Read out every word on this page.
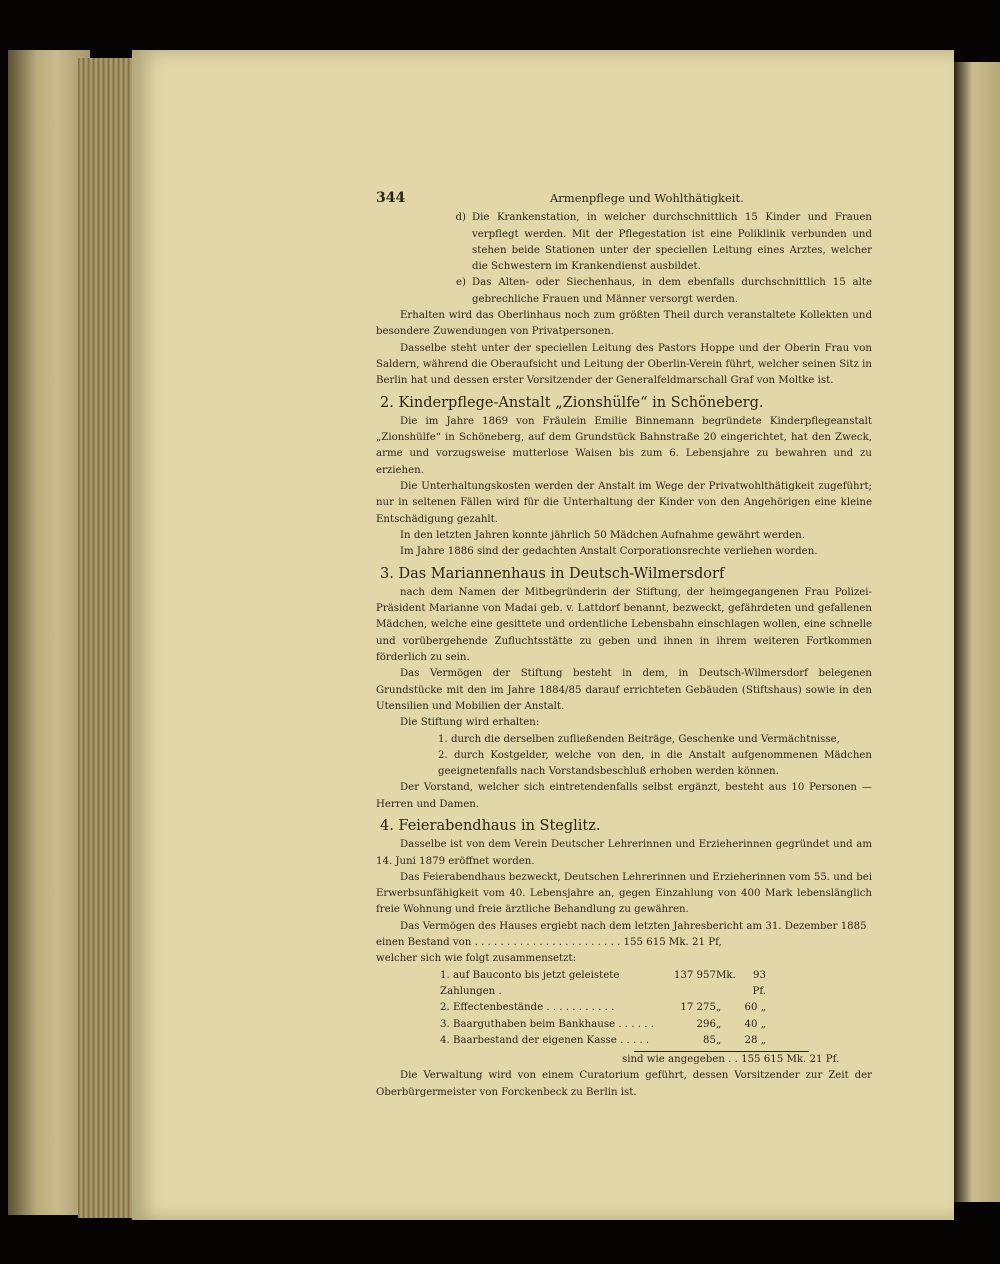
344	Armenpflege und Wohlthätigkeit.
d) Die Krankenstation, in welcher durchschnittlich 15 Kinder und Frauen verpflegt werden. Mit der Pflegestation ist eine Poliklinik verbunden und stehen beide Stationen unter der speciellen Leitung eines Arztes, welcher die Schwestern im Krankendienst ausbildet.
e) Das Alten- oder Siechenhaus, in dem ebenfalls durchschnittlich 15 alte gebrechliche Frauen und Männer versorgt werden.

Erhalten wird das Oberlinhaus noch zum größten Theil durch veranstaltete Kollekten und besondere Zuwendungen von Privatpersonen.

Dasselbe steht unter der speciellen Leitung des Pastors Hoppe und der Oberin Frau von Saldern, während die Oberaufsicht und Leitung der Oberlin-Verein führt, welcher seinen Sitz in Berlin hat und dessen erster Vorsitzender der Generalfeldmarschall Graf von Moltke ist.

2. Kinderpflege-Anstalt „Zionshülfe“ in Schöneberg.

Die im Jahre 1869 von Fräulein Emilie Binnemann begründete Kinderpflegeanstalt „Zionshülfe“ in Schöneberg, auf dem Grundstück Bahnstraße 20 eingerichtet, hat den Zweck, arme und vorzugsweise mutterlose Waisen bis zum 6. Lebensjahre zu bewahren und zu erziehen.

Die Unterhaltungskosten werden der Anstalt im Wege der Privatwohlthätigkeit zugeführt; nur in seltenen Fällen wird für die Unterhaltung der Kinder von den Angehörigen eine kleine Entschädigung gezahlt.

In den letzten Jahren konnte jährlich 50 Mädchen Aufnahme gewährt werden.

Im Jahre 1886 sind der gedachten Anstalt Corporationsrechte verliehen worden.

3. Das Mariannenhaus in Deutsch-Wilmersdorf

nach dem Namen der Mitbegründerin der Stiftung, der heimgegangenen Frau Polizei-Präsident Marianne von Madai geb. v. Lattdorf benannt, bezweckt, gefährdeten und gefallenen Mädchen, welche eine gesittete und ordentliche Lebensbahn einschlagen wollen, eine schnelle und vorübergehende Zufluchtsstätte zu geben und ihnen in ihrem weiteren Fortkommen förderlich zu sein.

Das Vermögen der Stiftung besteht in dem, in Deutsch-Wilmersdorf belegenen Grundstücke mit den im Jahre 1884/85 darauf errichteten Gebäuden (Stiftshaus) sowie in den Utensilien und Mobilien der Anstalt.

Die Stiftung wird erhalten:

1. durch die derselben zufließenden Beiträge, Geschenke und Vermächtnisse,

2. durch Kostgelder, welche von den, in die Anstalt aufgenommenen Mädchen geeignetenfalls nach Vorstandsbeschluß erhoben werden können.

Der Vorstand, welcher sich eintretendenfalls selbst ergänzt, besteht aus 10 Personen — Herren und Damen.

4. Feierabendhaus in Steglitz.

Dasselbe ist von dem Verein Deutscher Lehrerinnen und Erzieherinnen gegründet und am 14. Juni 1879 eröffnet worden.

Das Feierabendhaus bezweckt, Deutschen Lehrerinnen und Erzieherinnen vom 55. und bei Erwerbsunfähigkeit vom 40. Lebensjahre an, gegen Einzahlung von 400 Mark lebenslänglich freie Wohnung und freie ärztliche Behandlung zu gewähren.

Das Vermögen des Hauses ergiebt nach dem letzten Jahresbericht am 31. Dezember 1885

einen Bestand von . . . . . . . . . . . . . . . . . . . . . . . 155 615 Mk. 21 Pf,

welcher sich wie folgt zusammensetzt:

1. auf Bauconto bis jetzt geleistete Zahlungen .
137 957 Mk.	93 Pf.
2. Effectenbestände . . . . . . . . . . .	17 275 „	60 „
3. Baarguthaben beim Bankhause . . . . . .	296 „	40 „
4. Baarbestand der eigenen Kasse . . . . .	85 „	28 „
sind wie angegeben . . 155 615 Mk. 21 Pf.

Die Verwaltung wird von einem Curatorium geführt, dessen Vorsitzender zur Zeit der Oberbürgermeister von Forckenbeck zu Berlin ist.
